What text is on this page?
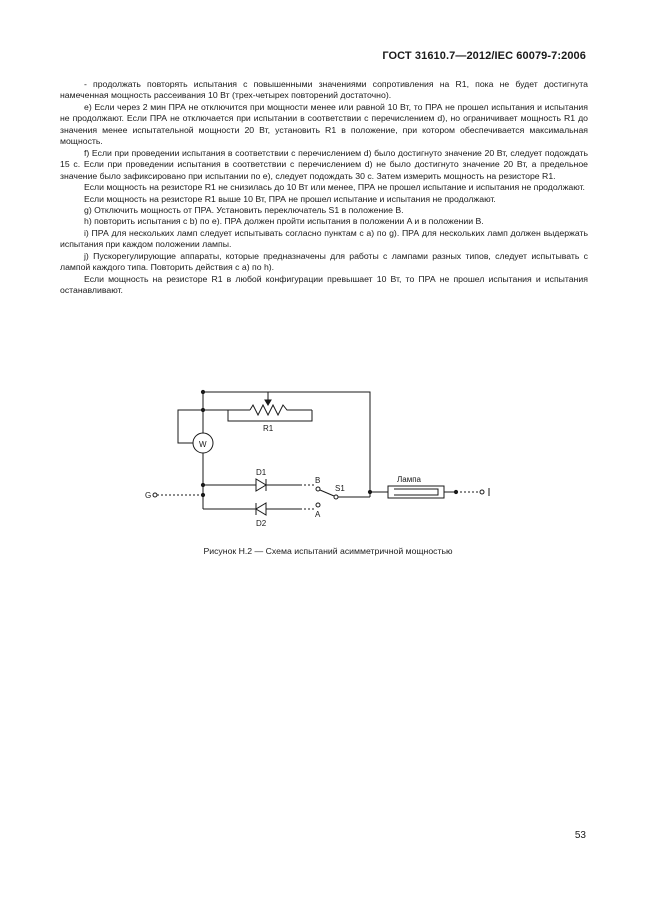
ГОСТ 31610.7—2012/IEC 60079-7:2006

- продолжать повторять испытания с повышенными значениями сопротивления на R1, пока не будет достигнута намеченная мощность рассеивания 10 Вт (трех-четырех повторений достаточно).

e) Если через 2 мин ПРА не отключится при мощности менее или равной 10 Вт, то ПРА не прошел испытания и испытания не продолжают. Если ПРА не отключается при испытании в соответствии с перечислением d), но ограничивает мощность R1 до значения менее испытательной мощности 20 Вт, установить R1 в положение, при котором обеспечивается максимальная мощность.

f) Если при проведении испытания в соответствии с перечислением d) было достигнуто значение 20 Вт, следует подождать 15 с. Если при проведении испытания в соответствии с перечислением d) не было достигнуто значение 20 Вт, а предельное значение было зафиксировано при испытании по e), следует подождать 30 с. Затем измерить мощность на резисторе R1.

Если мощность на резисторе R1 не снизилась до 10 Вт или менее, ПРА не прошел испытание и испытания не продолжают.

Если мощность на резисторе R1 выше 10 Вт, ПРА не прошел испытание и испытания не продолжают.

g) Отключить мощность от ПРА. Установить переключатель S1 в положение B.

h) повторить испытания с b) по e). ПРА должен пройти испытания в положении A и в положении B.

i) ПРА для нескольких ламп следует испытывать согласно пунктам с a) по g). ПРА для нескольких ламп должен выдержать испытания при каждом положении лампы.

j) Пускорегулирующие аппараты, которые предназначены для работы с лампами разных типов, следует испытывать с лампой каждого типа. Повторить действия с a) по h).

Если мощность на резисторе R1 в любой конфигурации превышает 10 Вт, то ПРА не прошел испытания и испытания останавливают.

R1
W
D1
D2
B
A
S1
G
Лампа
Рисунок H.2 — Схема испытаний асимметричной мощностью
53
